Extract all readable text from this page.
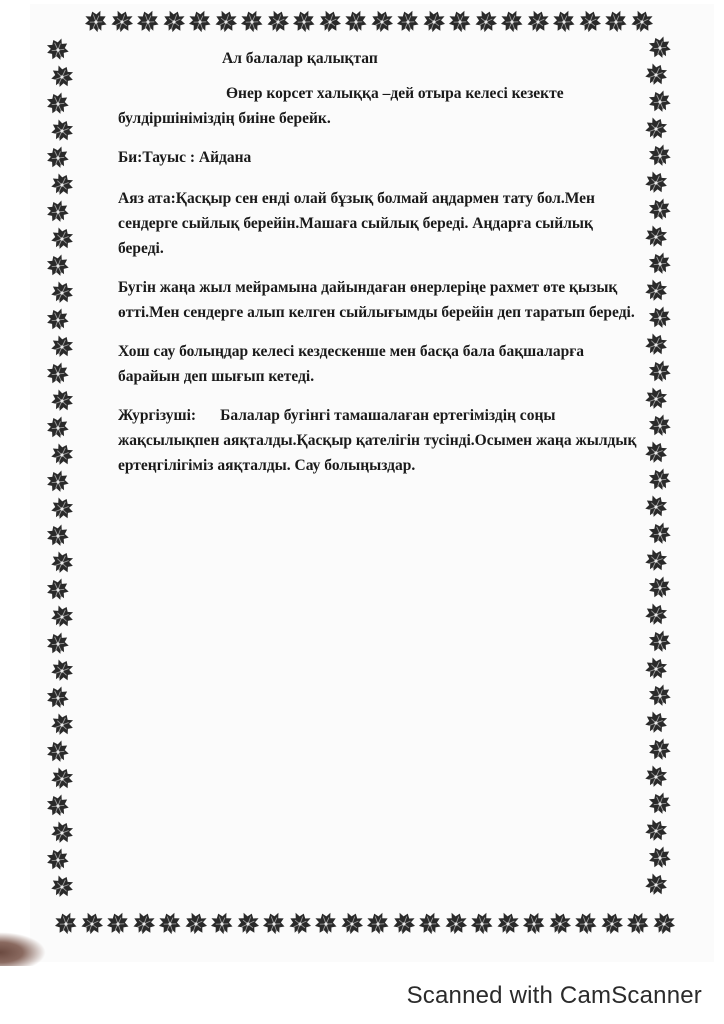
Ал балалар қалықтап

Өнер корсет халыққа –дей отыра келесі кезекте булдіршініміздің биіне берейк.

Би:Тауыс : Айдана

Аяз ата:Қасқыр сен енді олай бұзық болмай аңдармен тату бол.Мен сендерге сыйлық берейін.Машаға сыйлық береді. Аңдарға сыйлық береді.

Бугін жаңа жыл мейрамына дайындаған өнерлеріңе рахмет өте қызық өтті.Мен сендерге алып келген сыйлығымды берейін деп таратып береді.

Хош сау болыңдар келесі кездескенше мен басқа бала бақшаларға барайын деп шығып кетеді.

Жургізуші: Балалар бугінгі тамашалаған ертегіміздің соңы жақсылықпен аяқталды.Қасқыр қателігін тусінді.Осымен жаңа жылдық ертеңгілігіміз аяқталды. Сау болыңыздар.

Scanned with CamScanner
